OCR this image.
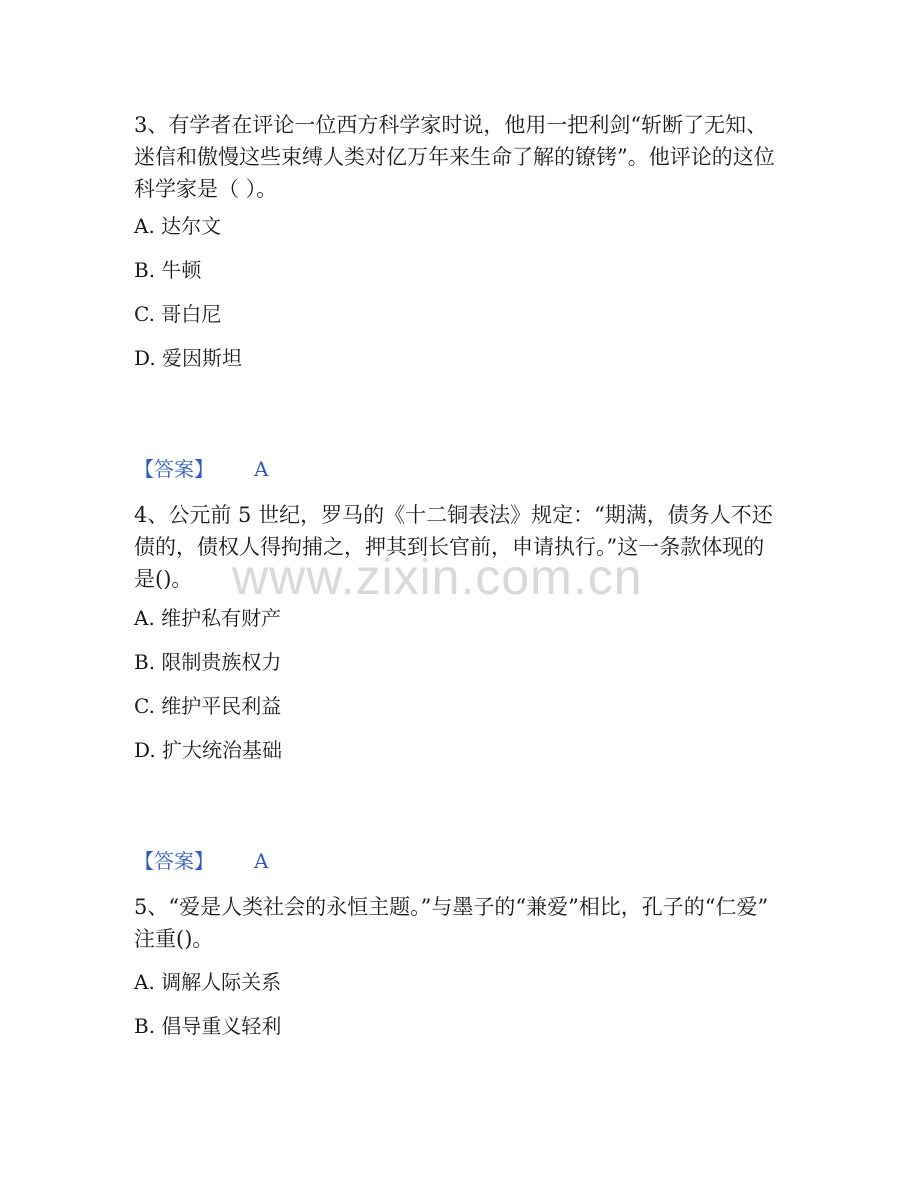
www.zixin.com.cn
3、有学者在评论一位西方科学家时说，他用一把利剑“斩断了无知、
迷信和傲慢这些束缚人类对亿万年来生命了解的镣铐”。他评论的这位
科学家是（ ）。
A. 达尔文
B. 牛顿
C. 哥白尼
D. 爱因斯坦
【答案】 A
4、公元前 5 世纪，罗马的《十二铜表法》规定：“期满，债务人不还
债的，债权人得拘捕之，押其到长官前，申请执行。”这一条款体现的
是()。
A. 维护私有财产
B. 限制贵族权力
C. 维护平民利益
D. 扩大统治基础
【答案】 A
5、“爱是人类社会的永恒主题。”与墨子的“兼爱”相比，孔子的“仁爱”
注重()。
A. 调解人际关系
B. 倡导重义轻利
